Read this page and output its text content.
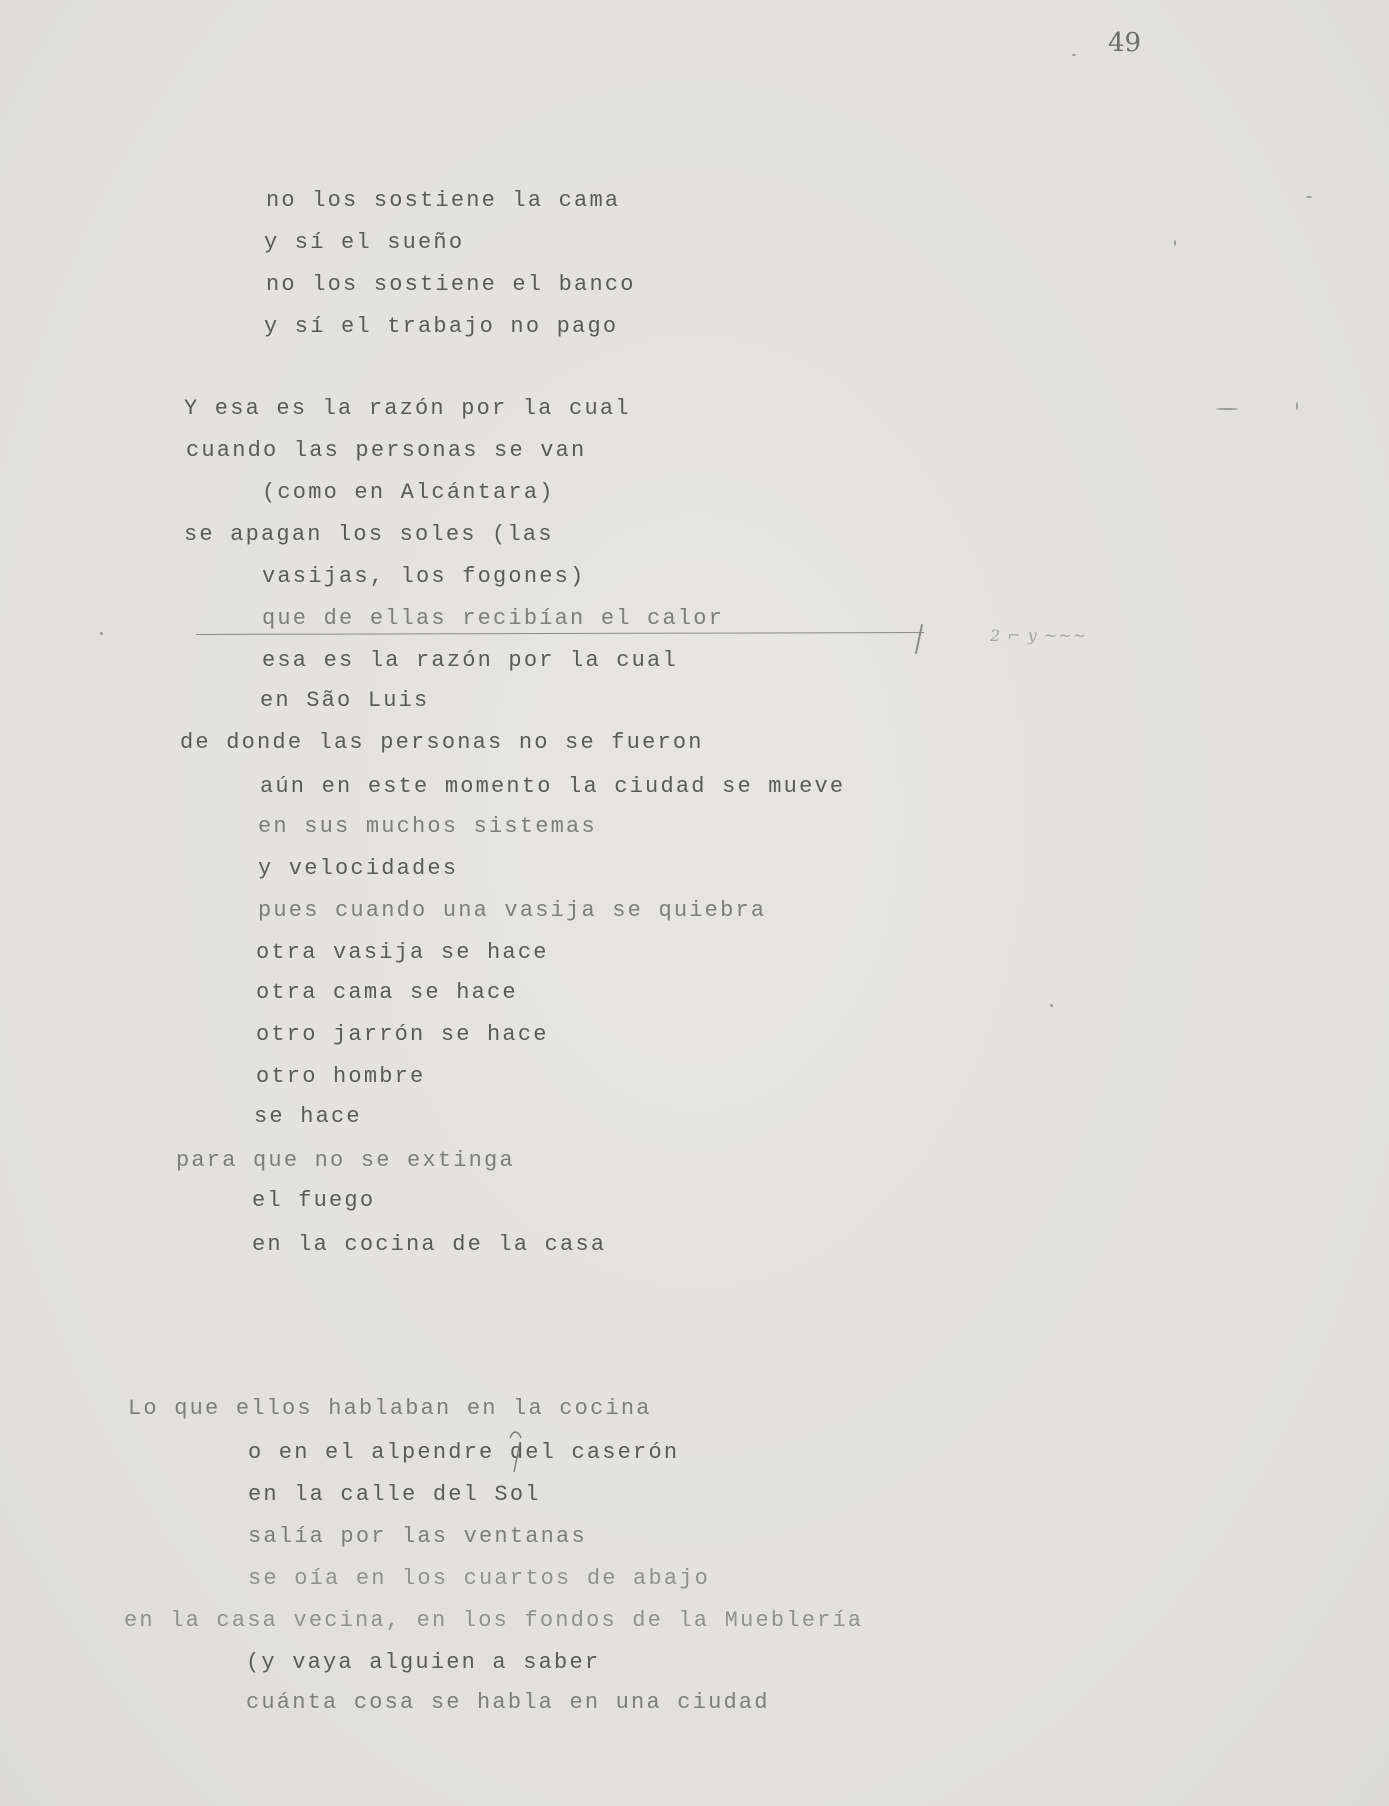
49
no los sostiene la cama
y sí el sueño
no los sostiene el banco
y sí el trabajo no pago
Y esa es la razón por la cual
cuando las personas se van
(como en Alcántara)
se apagan los soles (las
vasijas, los fogones)
que de ellas recibían el calor
2 ⌐ y ~~~
esa es la razón por la cual
en São Luis
de donde las personas no se fueron
aún en este momento la ciudad se mueve
en sus muchos sistemas
y velocidades
pues cuando una vasija se quiebra
otra vasija se hace
otra cama se hace
otro jarrón se hace
otro hombre
se hace
para que no se extinga
el fuego
en la cocina de la casa
Lo que ellos hablaban en la cocina
o en el alpendre del caserón
en la calle del Sol
salía por las ventanas
se oía en los cuartos de abajo
en la casa vecina, en los fondos de la Mueblería
(y vaya alguien a saber
cuánta cosa se habla en una ciudad
